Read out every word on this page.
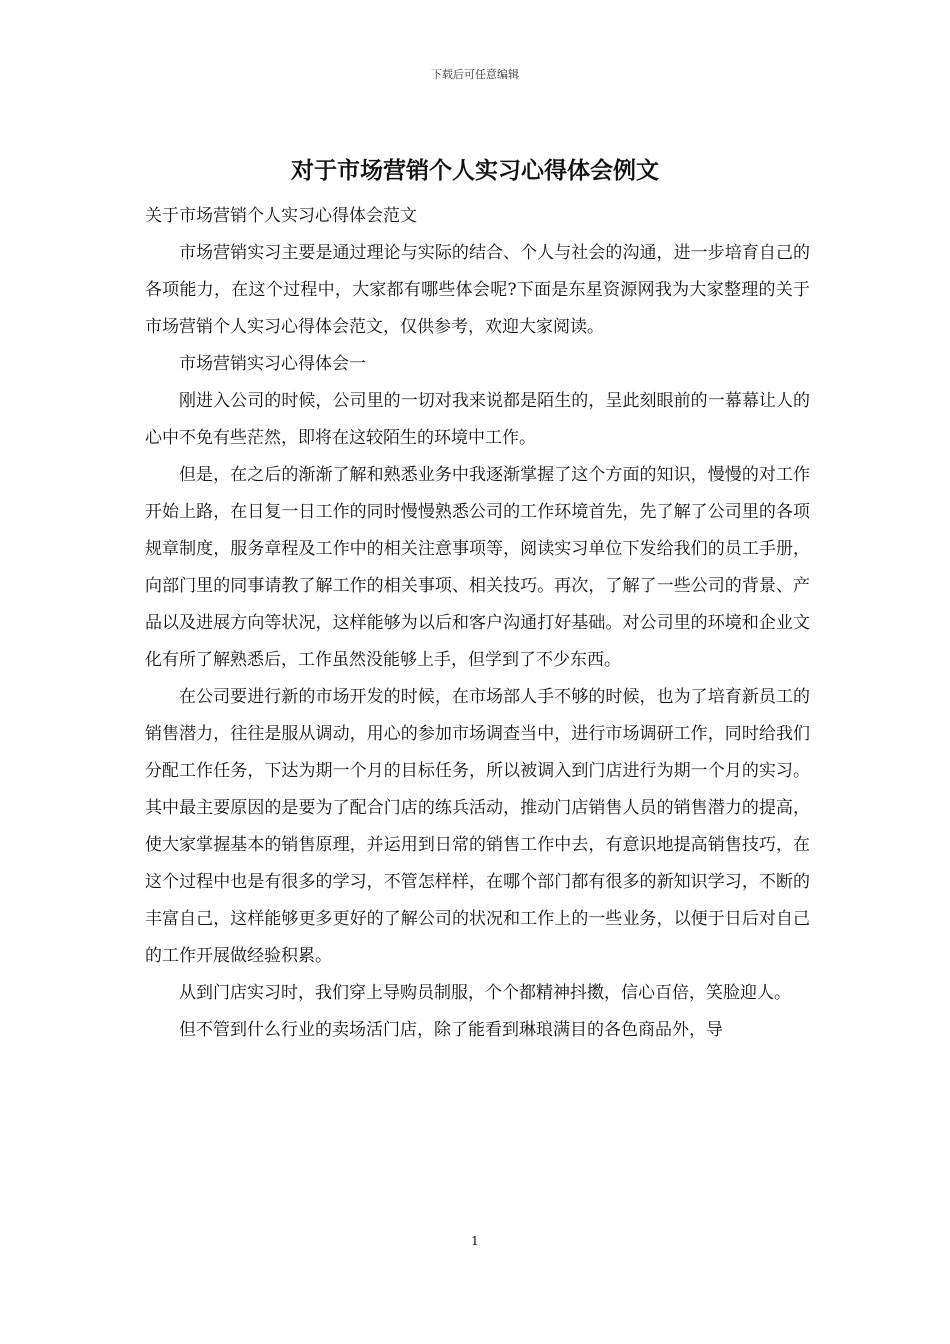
下载后可任意编辑
对于市场营销个人实习心得体会例文

关于市场营销个人实习心得体会范文

市场营销实习主要是通过理论与实际的结合、个人与社会的沟通，进一步培育自己的各项能力，在这个过程中，大家都有哪些体会呢?下面是东星资源网我为大家整理的关于市场营销个人实习心得体会范文，仅供参考，欢迎大家阅读。

市场营销实习心得体会一

刚进入公司的时候，公司里的一切对我来说都是陌生的，呈此刻眼前的一幕幕让人的心中不免有些茫然，即将在这较陌生的环境中工作。

但是，在之后的渐渐了解和熟悉业务中我逐渐掌握了这个方面的知识，慢慢的对工作开始上路，在日复一日工作的同时慢慢熟悉公司的工作环境首先，先了解了公司里的各项规章制度，服务章程及工作中的相关注意事项等，阅读实习单位下发给我们的员工手册，向部门里的同事请教了解工作的相关事项、相关技巧。再次，了解了一些公司的背景、产品以及进展方向等状况，这样能够为以后和客户沟通打好基础。对公司里的环境和企业文化有所了解熟悉后，工作虽然没能够上手，但学到了不少东西。

在公司要进行新的市场开发的时候，在市场部人手不够的时候，也为了培育新员工的销售潜力，往往是服从调动，用心的参加市场调查当中，进行市场调研工作，同时给我们分配工作任务，下达为期一个月的目标任务，所以被调入到门店进行为期一个月的实习。其中最主要原因的是要为了配合门店的练兵活动，推动门店销售人员的销售潜力的提高，使大家掌握基本的销售原理，并运用到日常的销售工作中去，有意识地提高销售技巧，在这个过程中也是有很多的学习，不管怎样样，在哪个部门都有很多的新知识学习，不断的丰富自己，这样能够更多更好的了解公司的状况和工作上的一些业务，以便于日后对自己的工作开展做经验积累。

从到门店实习时，我们穿上导购员制服，个个都精神抖擞，信心百倍，笑脸迎人。

但不管到什么行业的卖场活门店，除了能看到琳琅满目的各色商品外，导

1
